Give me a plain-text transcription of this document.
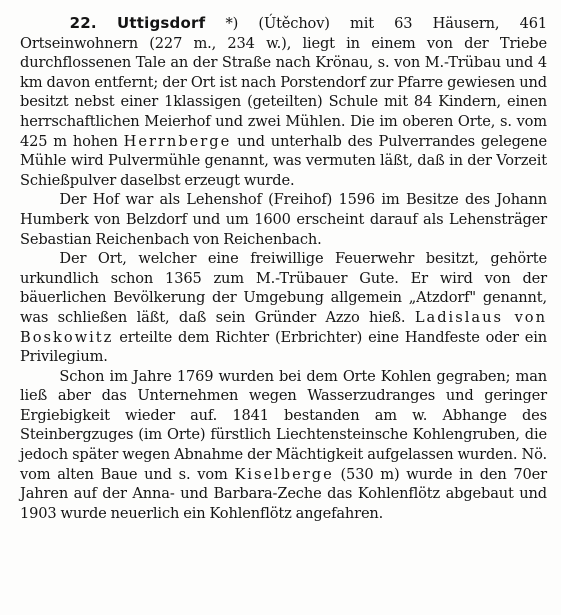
22. Uttigsdorf *) (Útěchov) mit 63 Häusern, 461 Ortseinwohnern (227 m., 234 w.), liegt in einem von der Triebe durchflossenen Tale an der Straße nach Krönau, s. von M.-Trübau und 4 km davon entfernt; der Ort ist nach Porstendorf zur Pfarre gewiesen und besitzt nebst einer 1klassigen (geteilten) Schule mit 84 Kindern, einen herrschaftlichen Meierhof und zwei Mühlen. Die im oberen Orte, s. vom 425 m hohen Herrnberge und unterhalb des Pulverrandes gelegene Mühle wird Pulvermühle genannt, was vermuten läßt, daß in der Vorzeit Schießpulver daselbst erzeugt wurde.

Der Hof war als Lehenshof (Freihof) 1596 im Besitze des Johann Humberk von Belzdorf und um 1600 erscheint darauf als Lehensträger Sebastian Reichenbach von Reichenbach.

Der Ort, welcher eine freiwillige Feuerwehr besitzt, gehörte urkundlich schon 1365 zum M.-Trübauer Gute. Er wird von der bäuerlichen Bevölkerung der Umgebung allgemein „Atzdorf" genannt, was schließen läßt, daß sein Gründer Azzo hieß. Ladislaus von Boskowitz erteilte dem Richter (Erbrichter) eine Handfeste oder ein Privilegium.

Schon im Jahre 1769 wurden bei dem Orte Kohlen gegraben; man ließ aber das Unternehmen wegen Wasserzudranges und geringer Ergiebigkeit wieder auf. 1841 bestanden am w. Abhange des Steinbergzuges (im Orte) fürstlich Liechtensteinsche Kohlengruben, die jedoch später wegen Abnahme der Mächtigkeit aufgelassen wurden. Nö. vom alten Baue und s. vom Kiselberge (530 m) wurde in den 70er Jahren auf der Anna- und Barbara-Zeche das Kohlenflötz abgebaut und 1903 wurde neuerlich ein Kohlenflötz angefahren.
